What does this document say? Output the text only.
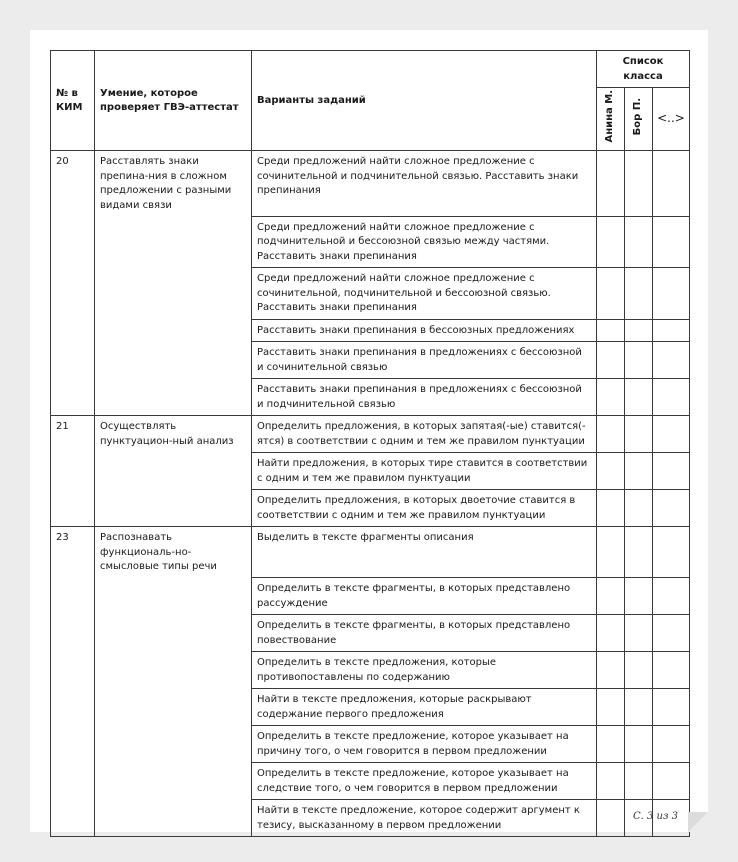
№ в КИМ	Умение, которое проверяет ГВЭ-аттестат	Варианты заданий	Список класса		
			Анина М.	Бор П.	<..>
20	Расставлять знаки препина-ния в сложном предложении с разными видами связи	Среди предложений найти сложное предложение с сочинительной и подчинительной связью. Расставить знаки препинания			
		Среди предложений найти сложное предложение с подчинительной и бессоюзной связью между частями. Расставить знаки препинания			
		Среди предложений найти сложное предложение с сочинительной, подчинительной и бессоюзной связью. Расставить знаки препинания			
		Расставить знаки препинания в бессоюзных предложениях			
		Расставить знаки препинания в предложениях с бессоюзной и сочинительной связью			
		Расставить знаки препинания в предложениях с бессоюзной и подчинительной связью			
21	Осуществлять пунктуацион-ный анализ	Определить предложения, в которых запятая(-ые) ставится(-ятся) в соответствии с одним и тем же правилом пунктуации			
		Найти предложения, в которых тире ставится в соответствии с одним и тем же правилом пунктуации			
		Определить предложения, в которых двоеточие ставится в соответствии с одним и тем же правилом пунктуации			
23	Распознавать функциональ-но-смысловые типы речи	Выделить в тексте фрагменты описания			
		Определить в тексте фрагменты, в которых представлено рассуждение			
		Определить в тексте фрагменты, в которых представлено повествование			
		Определить в тексте предложения, которые противопоставлены по содержанию			
		Найти в тексте предложения, которые раскрывают содержание первого предложения			
		Определить в тексте предложение, которое указывает на причину того, о чем говорится в первом предложении			
		Определить в тексте предложение, которое указывает на следствие того, о чем говорится в первом предложении			
		Найти в тексте предложение, которое содержит аргумент к тезису, высказанному в первом предложении			
С. 3 из 3
